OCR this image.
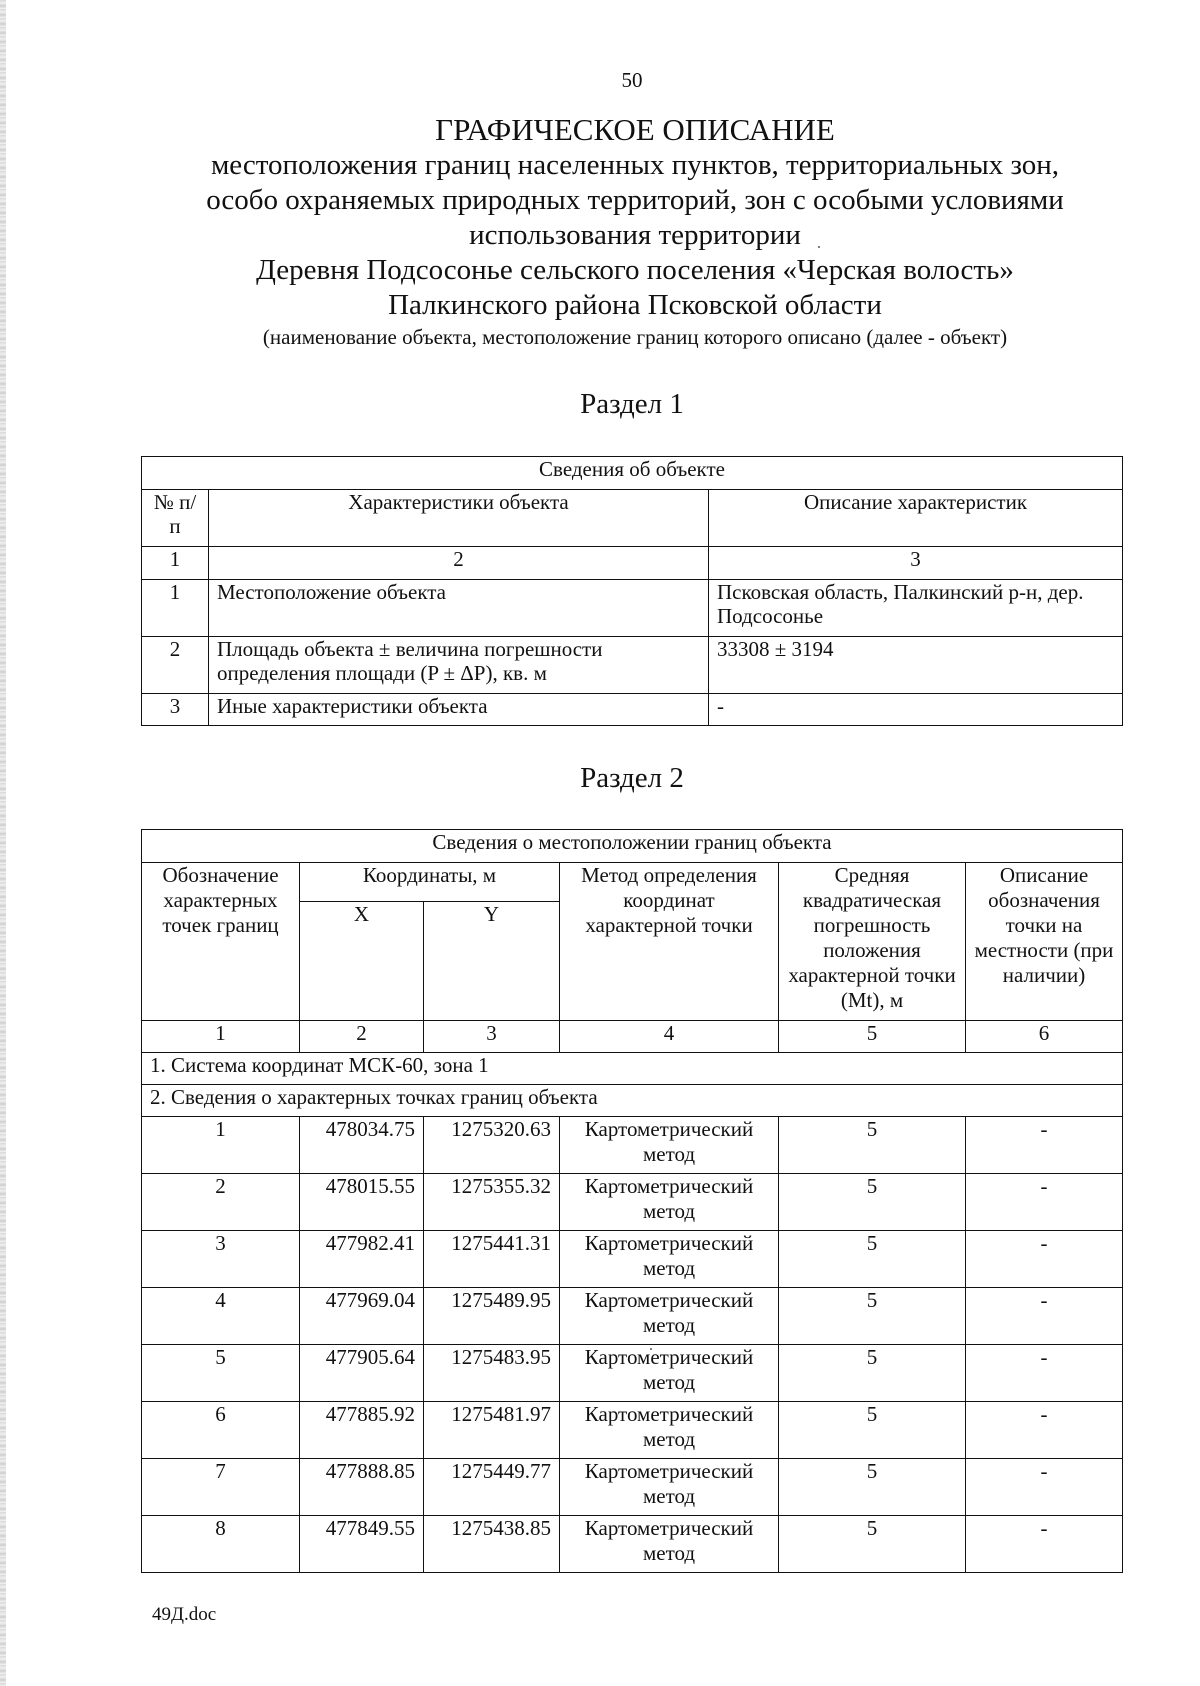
50
ГРАФИЧЕСКОЕ ОПИСАНИЕ
местоположения границ населенных пунктов, территориальных зон,
особо охраняемых природных территорий, зон с особыми условиями
использования территории
Деревня Подсосонье сельского поселения «Черская волость»
Палкинского района Псковской области
(наименование объекта, местоположение границ которого описано (далее - объект)
Раздел 1
Сведения об объекте		
№ п/п	Характеристики объекта	Описание характеристик
1	2	3
1	Местоположение объекта	Псковская область, Палкинский р-н, дер. Подсосонье
2	Площадь объекта ± величина погрешности определения площади (P ± ΔP), кв. м	33308 ± 3194
3	Иные характеристики объекта	-
Раздел 2
Сведения о местоположении границ объекта					
Обозначение характерных точек границ	Координаты, м		Метод определения координат характерной точки	Средняя квадратическая погрешность положения характерной точки (Mt), м	Описание обозначения точки на местности (при наличии)
	X	Y			
1	2	3	4	5	6
1. Система координат МСК-60, зона 1					
2. Сведения о характерных точках границ объекта					
1	478034.75	1275320.63	Картометрический метод	5	-
2	478015.55	1275355.32	Картометрический метод	5	-
3	477982.41	1275441.31	Картометрический метод	5	-
4	477969.04	1275489.95	Картометрический метод	5	-
5	477905.64	1275483.95	Картометрический метод	5	-
6	477885.92	1275481.97	Картометрический метод	5	-
7	477888.85	1275449.77	Картометрический метод	5	-
8	477849.55	1275438.85	Картометрический метод	5	-
49Д.doc
